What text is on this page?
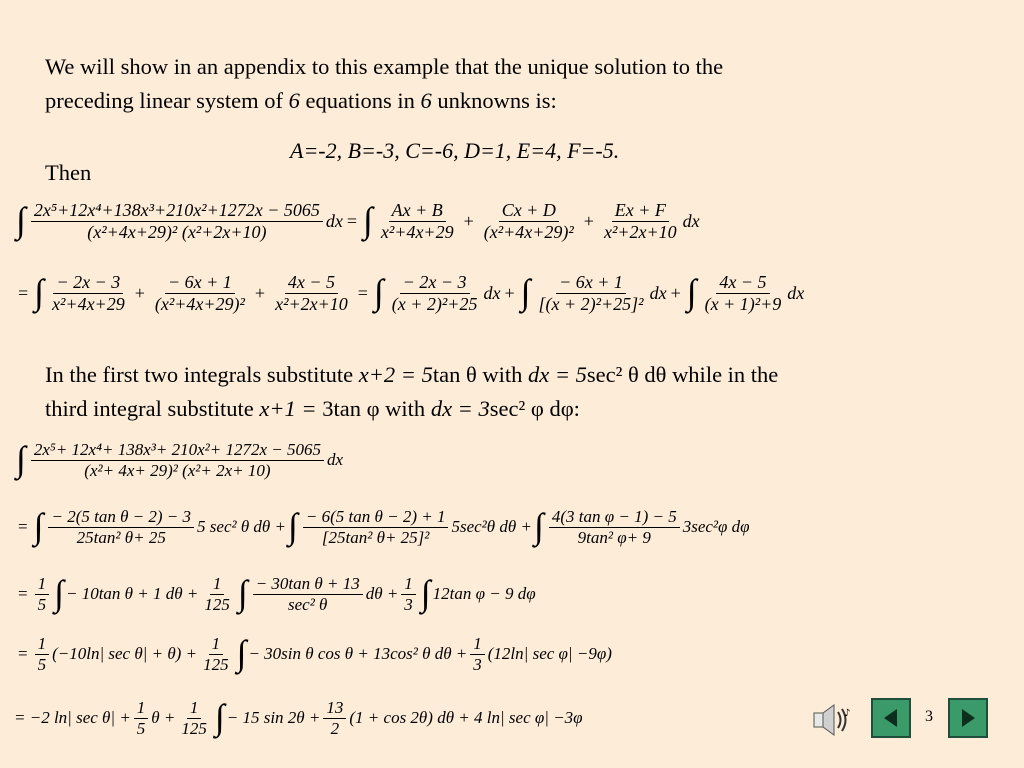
We will show in an appendix to this example that the unique solution to the
preceding linear system of 6 equations in 6 unknowns is:
A=-2, B=-3, C=-6, D=1, E=4, F=-5.
Then
∫ $\frac{\text{2x⁵+12x⁴+138x³+210x²+1272x − 5065}}{\text{(x²+4x+29)² (x²+2x+10)}}$ dx = ∫ $\frac{Ax + B}{\text{x²+4x+29}} + \frac{Cx + D}{\text{(x²+4x+29)²}} + \frac{Ex + F}{\text{x²+2x+10}}$ dx
= ∫ $\frac{- 2x - 3}{\text{x²+4x+29}} + \frac{- 6x + 1}{\text{(x²+4x+29)²}} + \frac{4x - 5}{\text{x²+2x+10}}$ = ∫ $\frac{- 2x - 3}{\text{(x + 2)²+25}}$ dx + ∫ $\frac{- 6x + 1}{\text{[(x + 2)²+25]²}}$ dx + ∫ $\frac{4x - 5}{\text{(x + 1)²+9}}$ dx
In the first two integrals substitute x+2 = 5tan θ with dx = 5sec² θ dθ while in the
third integral substitute x+1 = 3tan φ with dx = 3sec² φ dφ:
∫ $\frac{\text{2x⁵+ 12x⁴+ 138x³+ 210x²+ 1272x − 5065}}{\text{(x²+ 4x+ 29)² (x²+ 2x+ 10)}}$ dx
= ∫ $\frac{\text{− 2(5 tan θ − 2) − 3}}{\text{25tan² θ+ 25}} 5$ sec² θ dθ + ∫ $\frac{\text{− 6(5 tan θ − 2) + 1}}{\text{[25tan² θ+ 25]²}} 5\sec^2\theta$ dθ + ∫ $\frac{\text{4(3 tan φ − 1) − 5}}{\text{9tan² φ+ 9}} 3\sec^2\varphi$ dφ
= $\frac{1}{5}$ ∫ − 10tan θ + 1 $d\theta + \frac{1}{125}$ ∫ $\frac{\text{− 30tan θ + 13}}{\text{sec² θ}}$ $d\theta + \frac{1}{3}$ ∫ 12tan φ − 9 dφ
= $\frac{1}{5} (-10\ln|$ $\sec \theta| + \theta) + \frac{1}{125}$ ∫ − 30sin θ cos θ + 13cos² θ $d\theta + \frac{1}{3} (12\ln|$ sec φ| −9φ)
= −2 ln| $\sec \theta| + \frac{1}{5}$ $\theta + \frac{1}{125}$ ∫ − 15 $\sin 2\theta + \frac{13}{2} (1 + \cos 2\theta) d\theta + 4$ ln| sec φ| −3φ	♪	3
